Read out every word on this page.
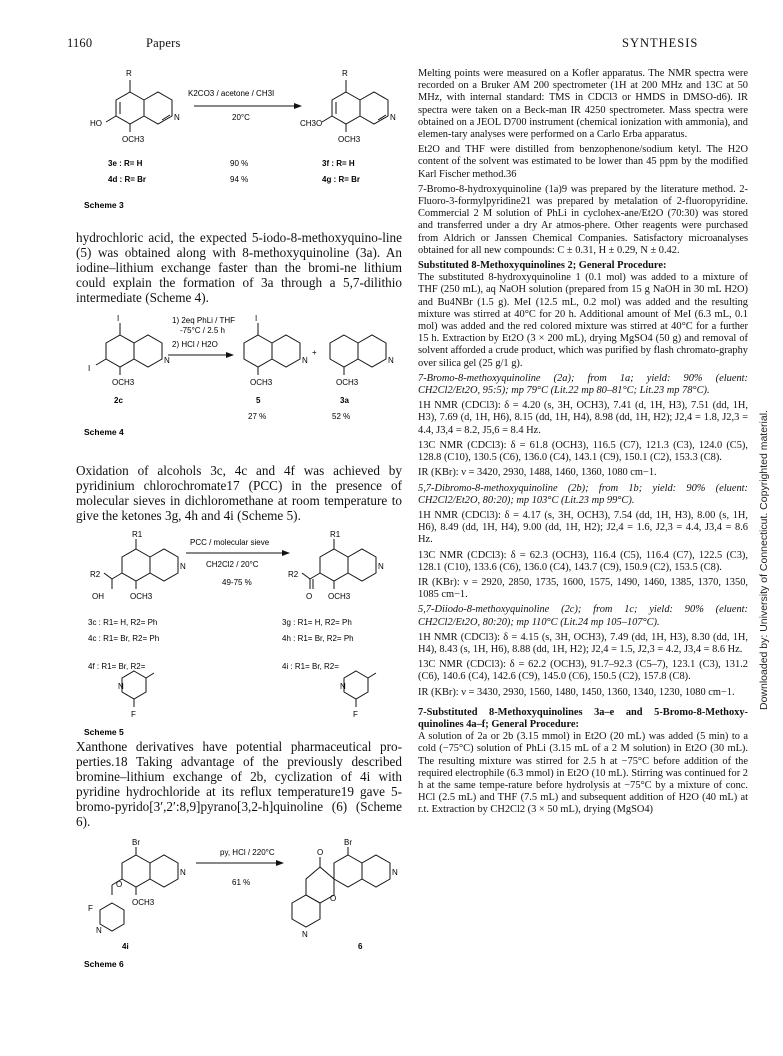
1160	Papers	SYNTHESIS
R	R
HO
OCH3
N
CH3O
OCH3
N
K2CO3 / acetone / CH3I
20°C
3e : R= H	90 %	3f : R= H
4d : R= Br	94 %	4g : R= Br
Scheme 3

hydrochloric acid, the expected 5-iodo-8-methoxyquino-line (5) was obtained along with 8-methoxyquinoline (3a). An iodine–lithium exchange faster than the bromi-ne lithium could explain the formation of 3a through a 5,7-dilithio intermediate (Scheme 4).

I
I
OCH3
N
I
OCH3
N
OCH3
N
+
1) 2eq PhLi / THF
-75°C / 2.5 h
2) HCl / H2O
2c	5	3a
27 %	52 %
Scheme 4

Oxidation of alcohols 3c, 4c and 4f was achieved by pyridinium chlorochromate17 (PCC) in the presence of molecular sieves in dichloromethane at room temperature to give the ketones 3g, 4h and 4i (Scheme 5).

R1
R2
OH	OCH3
N
R1
R2
O OCH3
N
PCC / molecular sieve
CH2Cl2 / 20°C
49-75 %
3c : R1= H, R2= Ph
4c : R1= Br, R2= Ph
4f : R1= Br, R2=
3g : R1= H, R2= Ph
4h : R1= Br, R2= Ph
4i : R1= Br, R2=
N	N
F	F
Scheme 5

Xanthone derivatives have potential pharmaceutical pro-perties.18 Taking advantage of the previously described bromine–lithium exchange of 2b, cyclization of 4i with pyridine hydrochloride at its reflux temperature19 gave 5-bromo-pyrido[3′,2′:8,9]pyrano[3,2-h]quinoline (6) (Scheme 6).

Br
O
OCH3
N
F
N
Br
O
O
N
N
py, HCl / 220°C
61 %
4i	6
Scheme 6

Melting points were measured on a Kofler apparatus. The NMR spectra were recorded on a Bruker AM 200 spectrometer (1H at 200 MHz and 13C at 50 MHz, with internal standard: TMS in CDCl3 or HMDS in DMSO-d6). IR spectra were taken on a Beck-man IR 4250 spectrometer. Mass spectra were obtained on a JEOL D700 instrument (chemical ionization with ammonia), and elemen-tary analyses were performed on a Carlo Erba apparatus.

Et2O and THF were distilled from benzophenone/sodium ketyl. The H2O content of the solvent was estimated to be lower than 45 ppm by the modified Karl Fischer method.36

7-Bromo-8-hydroxyquinoline (1a)9 was prepared by the literature method. 2-Fluoro-3-formylpyridine21 was prepared by metalation of 2-fluoropyridine. Commercial 2 M solution of PhLi in cyclohex-ane/Et2O (70:30) was stored and transferred under a dry Ar atmos-phere. Other reagents were purchased from Aldrich or Janssen Chemical Companies. Satisfactory microanalyses obtained for all new compounds: C ± 0.31, H ± 0.29, N ± 0.42.

Substituted 8-Methoxyquinolines 2; General Procedure:

The substituted 8-hydroxyquinoline 1 (0.1 mol) was added to a mixture of THF (250 mL), aq NaOH solution (prepared from 15 g NaOH in 30 mL H2O) and Bu4NBr (1.5 g). MeI (12.5 mL, 0.2 mol) was added and the resulting mixture was stirred at 40°C for 20 h. Additional amount of MeI (6.3 mL, 0.1 mol) was added and the red colored mixture was stirred at 40°C for a further 15 h. Extraction by Et2O (3 × 200 mL), drying MgSO4 (50 g) and removal of solvent afforded a crude product, which was purified by flash chromato-graphy over silica gel (25 g/1 g).

7-Bromo-8-methoxyquinoline (2a); from 1a; yield: 90% (eluent: CH2Cl2/Et2O, 95:5); mp 79°C (Lit.22 mp 80–81°C; Lit.23 mp 78°C).

1H NMR (CDCl3): δ = 4.20 (s, 3H, OCH3), 7.41 (d, 1H, H3), 7.51 (dd, 1H, H3), 7.69 (d, 1H, H6), 8.15 (dd, 1H, H4), 8.98 (dd, 1H, H2); J2,4 = 1.8, J2,3 = 4.4, J3,4 = 8.2, J5,6 = 8.4 Hz.

13C NMR (CDCl3): δ = 61.8 (OCH3), 116.5 (C7), 121.3 (C3), 124.0 (C5), 128.8 (C10), 130.5 (C6), 136.0 (C4), 143.1 (C9), 150.1 (C2), 153.3 (C8).

IR (KBr): ν = 3420, 2930, 1488, 1460, 1360, 1080 cm−1.

5,7-Dibromo-8-methoxyquinoline (2b); from 1b; yield: 90% (eluent: CH2Cl2/Et2O, 80:20); mp 103°C (Lit.23 mp 99°C).

1H NMR (CDCl3): δ = 4.17 (s, 3H, OCH3), 7.54 (dd, 1H, H3), 8.00 (s, 1H, H6), 8.49 (dd, 1H, H4), 9.00 (dd, 1H, H2); J2,4 = 1.6, J2,3 = 4.4, J3,4 = 8.6 Hz.

13C NMR (CDCl3): δ = 62.3 (OCH3), 116.4 (C5), 116.4 (C7), 122.5 (C3), 128.1 (C10), 133.6 (C6), 136.0 (C4), 143.7 (C9), 150.9 (C2), 153.5 (C8).

IR (KBr): ν = 2920, 2850, 1735, 1600, 1575, 1490, 1460, 1385, 1370, 1350, 1085 cm−1.

5,7-Diiodo-8-methoxyquinoline (2c); from 1c; yield: 90% (eluent: CH2Cl2/Et2O, 80:20); mp 110°C (Lit.24 mp 105–107°C).

1H NMR (CDCl3): δ = 4.15 (s, 3H, OCH3), 7.49 (dd, 1H, H3), 8.30 (dd, 1H, H4), 8.43 (s, 1H, H6), 8.88 (dd, 1H, H2); J2,4 = 1.5, J2,3 = 4.2, J3,4 = 8.6 Hz.

13C NMR (CDCl3): δ = 62.2 (OCH3), 91.7–92.3 (C5–7), 123.1 (C3), 131.2 (C6), 140.6 (C4), 142.6 (C9), 145.0 (C6), 150.5 (C2), 157.8 (C8).

IR (KBr): ν = 3430, 2930, 1560, 1480, 1450, 1360, 1340, 1230, 1080 cm−1.

7-Substituted 8-Methoxyquinolines 3a–e and 5-Bromo-8-Methoxy-quinolines 4a–f; General Procedure:

A solution of 2a or 2b (3.15 mmol) in Et2O (20 mL) was added (5 min) to a cold (−75°C) solution of PhLi (3.15 mL of a 2 M solution) in Et2O (30 mL). The resulting mixture was stirred for 2.5 h at −75°C before addition of the required electrophile (6.3 mmol) in Et2O (10 mL). Stirring was continued for 2 h at the same tempe-rature before hydrolysis at −75°C by a mixture of conc. HCl (2.5 mL) and THF (7.5 mL) and subsequent addition of H2O (40 mL) at r.t. Extraction by CH2Cl2 (3 × 50 mL), drying (MgSO4)

Downloaded by: University of Connecticut. Copyrighted material.
